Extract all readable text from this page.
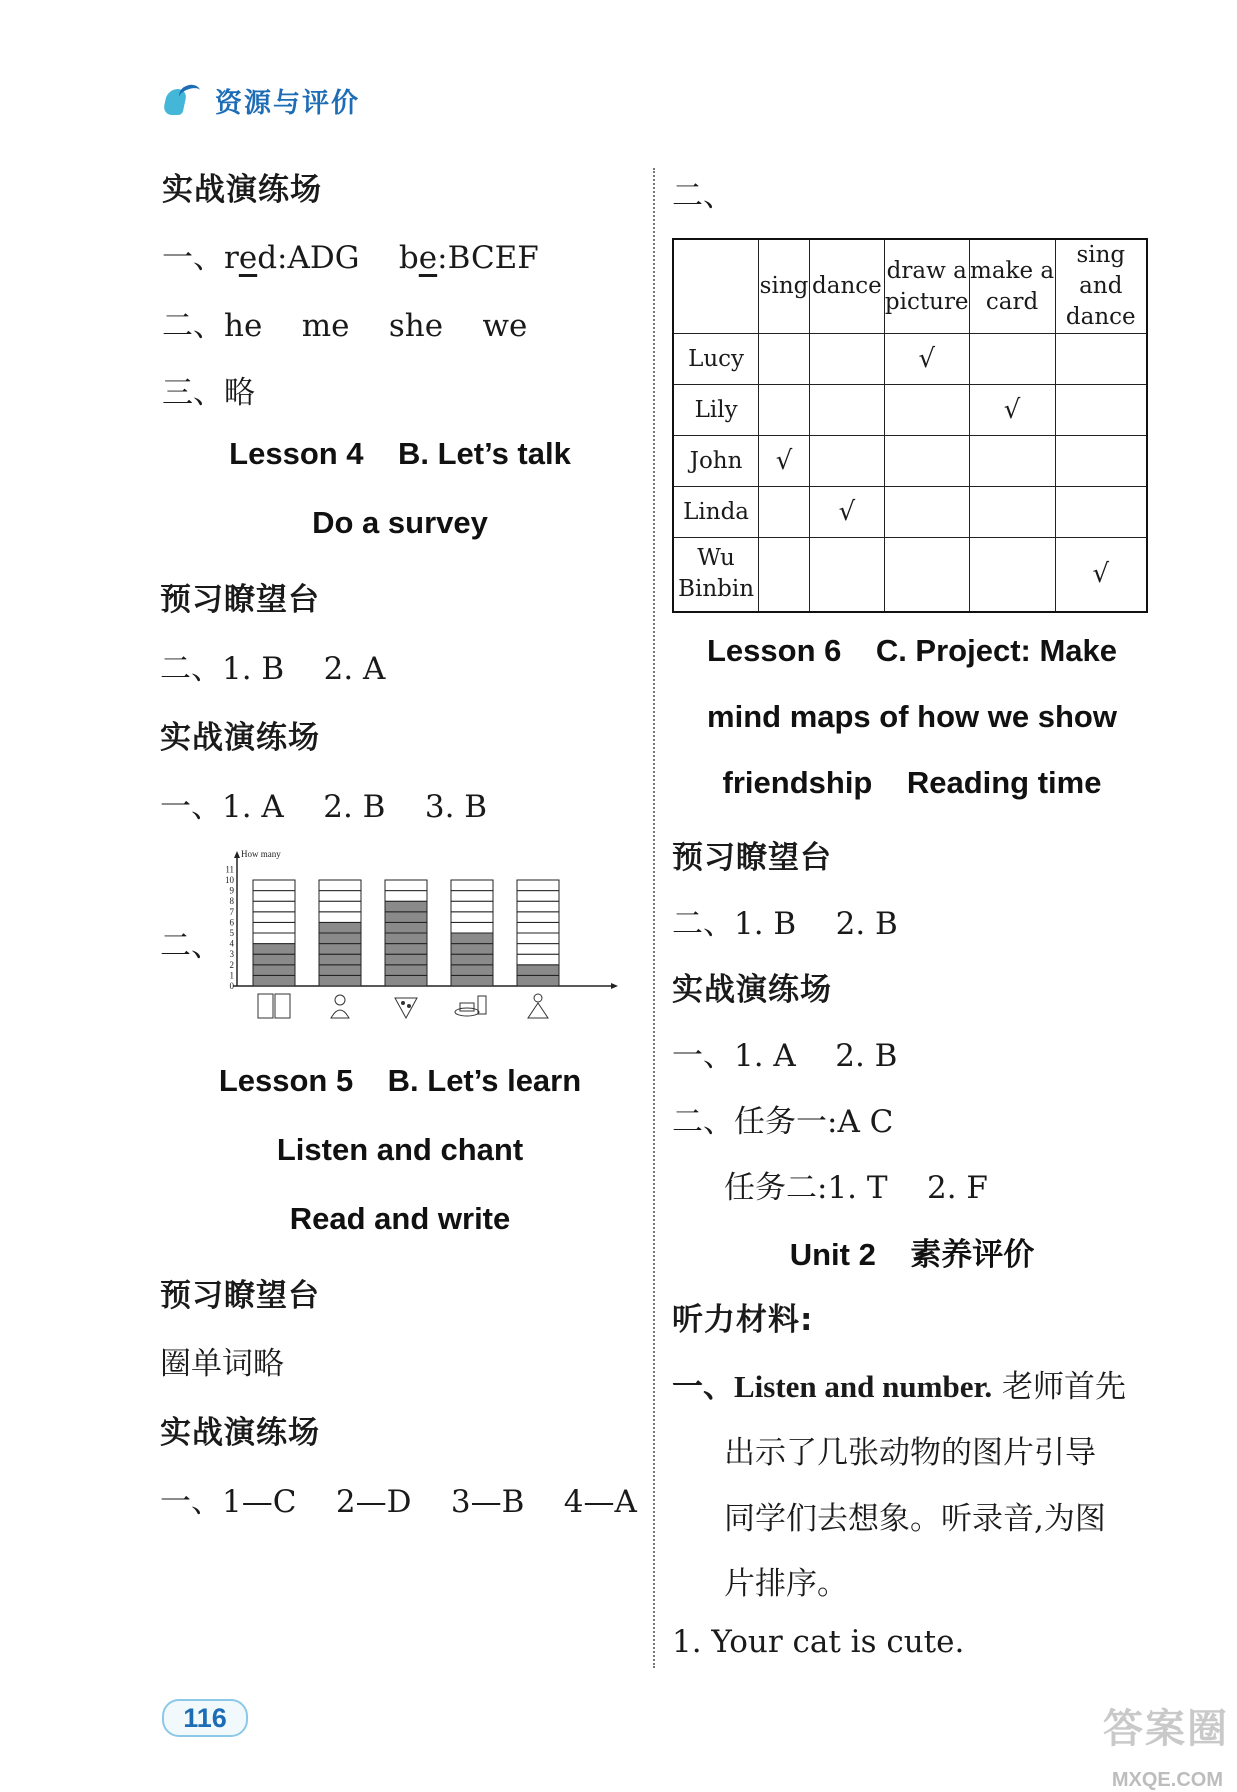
资源与评价
实战演练场
一、red:ADG be:BCEF
二、he    me    she    we
三、略
Lesson 4    B. Let’s talk
Do a survey
预习瞭望台
二、1. B    2. A
实战演练场
一、1. A    2. B    3. B
二、
How many
0
1
2
3
4
5
6
7
8
9
10
11
Lesson 5    B. Let’s learn
Listen and chant
Read and write
预习瞭望台
圈单词略
实战演练场
一、1—C    2—D    3—B    4—A
二、
	sing	dance	draw a picture	make a card	sing and dance
Lucy			√		
Lily				√	
John	√				
Linda		√			
Wu Binbin					√
Lesson 6    C. Project: Make
mind maps of how we show
friendship    Reading time
预习瞭望台
二、1. B    2. B
实战演练场
一、1. A    2. B
二、任务一:A C
任务二:1. T    2. F
Unit 2    素养评价
听力材料:
一、Listen and number. 老师首先
出示了几张动物的图片引导
同学们去想象。听录音,为图
片排序。
1. Your cat is cute.
116	答案圈
MXQE.COM
